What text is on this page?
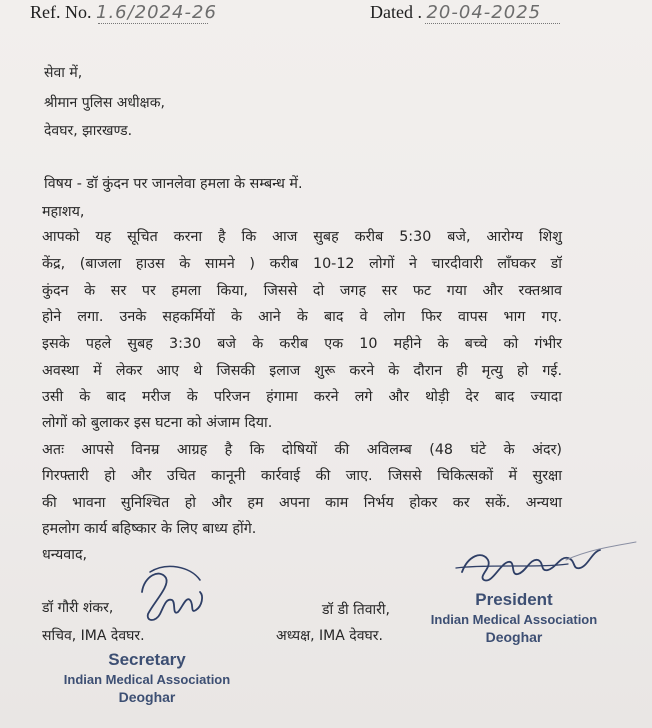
Ref. No. 1.6/2024-26	Dated . 20-04-2025
सेवा में,
श्रीमान पुलिस अधीक्षक,
देवघर, झारखण्ड.
विषय - डॉ कुंदन पर जानलेवा हमला के सम्बन्ध में.
महाशय,
आपको यह सूचित करना है कि आज सुबह करीब 5:30 बजे, आरोग्य शिशु
केंद्र, (बाजला हाउस के सामने ) करीब 10-12 लोगों ने चारदीवारी लाँघकर डॉ
कुंदन के सर पर हमला किया, जिससे दो जगह सर फट गया और रक्तश्राव
होने लगा. उनके सहकर्मियों के आने के बाद वे लोग फिर वापस भाग गए.
इसके पहले सुबह 3:30 बजे के करीब एक 10 महीने के बच्चे को गंभीर
अवस्था में लेकर आए थे जिसकी इलाज शुरू करने के दौरान ही मृत्यु हो गई.
उसी के बाद मरीज के परिजन हंगामा करने लगे और थोड़ी देर बाद ज्यादा
लोगों को बुलाकर इस घटना को अंजाम दिया.
अतः आपसे विनम्र आग्रह है कि दोषियों की अविलम्ब (48 घंटे के अंदर)
गिरफ्तारी हो और उचित कानूनी कार्रवाई की जाए. जिससे चिकित्सकों में सुरक्षा
की भावना सुनिश्चित हो और हम अपना काम निर्भय होकर कर सकें. अन्यथा
हमलोग कार्य बहिष्कार के लिए बाध्य होंगे.
धन्यवाद,
डॉ गौरी शंकर,
सचिव, IMA देवघर.
Secretary
Indian Medical Association
Deoghar
डॉ डी तिवारी,
अध्यक्ष, IMA देवघर.
President
Indian Medical Association
Deoghar
